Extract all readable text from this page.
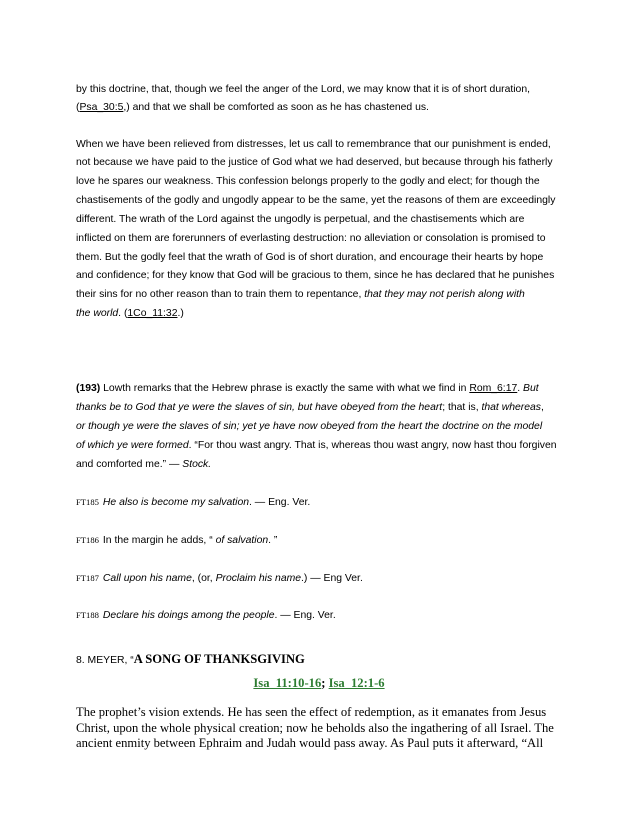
by this doctrine, that, though we feel the anger of the Lord, we may know that it is of short duration,
(Psa_30:5,) and that we shall be comforted as soon as he has chastened us.
When we have been relieved from distresses, let us call to remembrance that our punishment is ended,
not because we have paid to the justice of God what we had deserved, but because through his fatherly
love he spares our weakness. This confession belongs properly to the godly and elect; for though the
chastisements of the godly and ungodly appear to be the same, yet the reasons of them are exceedingly
different. The wrath of the Lord against the ungodly is perpetual, and the chastisements which are
inflicted on them are forerunners of everlasting destruction: no alleviation or consolation is promised to
them. But the godly feel that the wrath of God is of short duration, and encourage their hearts by hope
and confidence; for they know that God will be gracious to them, since he has declared that he punishes
their sins for no other reason than to train them to repentance, that they may not perish along with
the world. (1Co_11:32.)
(193) Lowth remarks that the Hebrew phrase is exactly the same with what we find in Rom_6:17. But
thanks be to God that ye were the slaves of sin, but have obeyed from the heart; that is, that whereas,
or though ye were the slaves of sin; yet ye have now obeyed from the heart the doctrine on the model
of which ye were formed. “For thou wast angry. That is, whereas thou wast angry, now hast thou forgiven
and comforted me.” — Stock.
FT185 He also is become my salvation. — Eng. Ver.
FT186 In the margin he adds, “ of salvation. ”
FT187 Call upon his name, (or, Proclaim his name.) — Eng Ver.
FT188 Declare his doings among the people. — Eng. Ver.
8. MEYER, “A SONG OF THANKSGIVING
Isa_11:10-16; Isa_12:1-6
The prophet’s vision extends. He has seen the effect of redemption, as it emanates from Jesus
Christ, upon the whole physical creation; now he beholds also the ingathering of all Israel. The
ancient enmity between Ephraim and Judah would pass away. As Paul puts it afterward, “All
